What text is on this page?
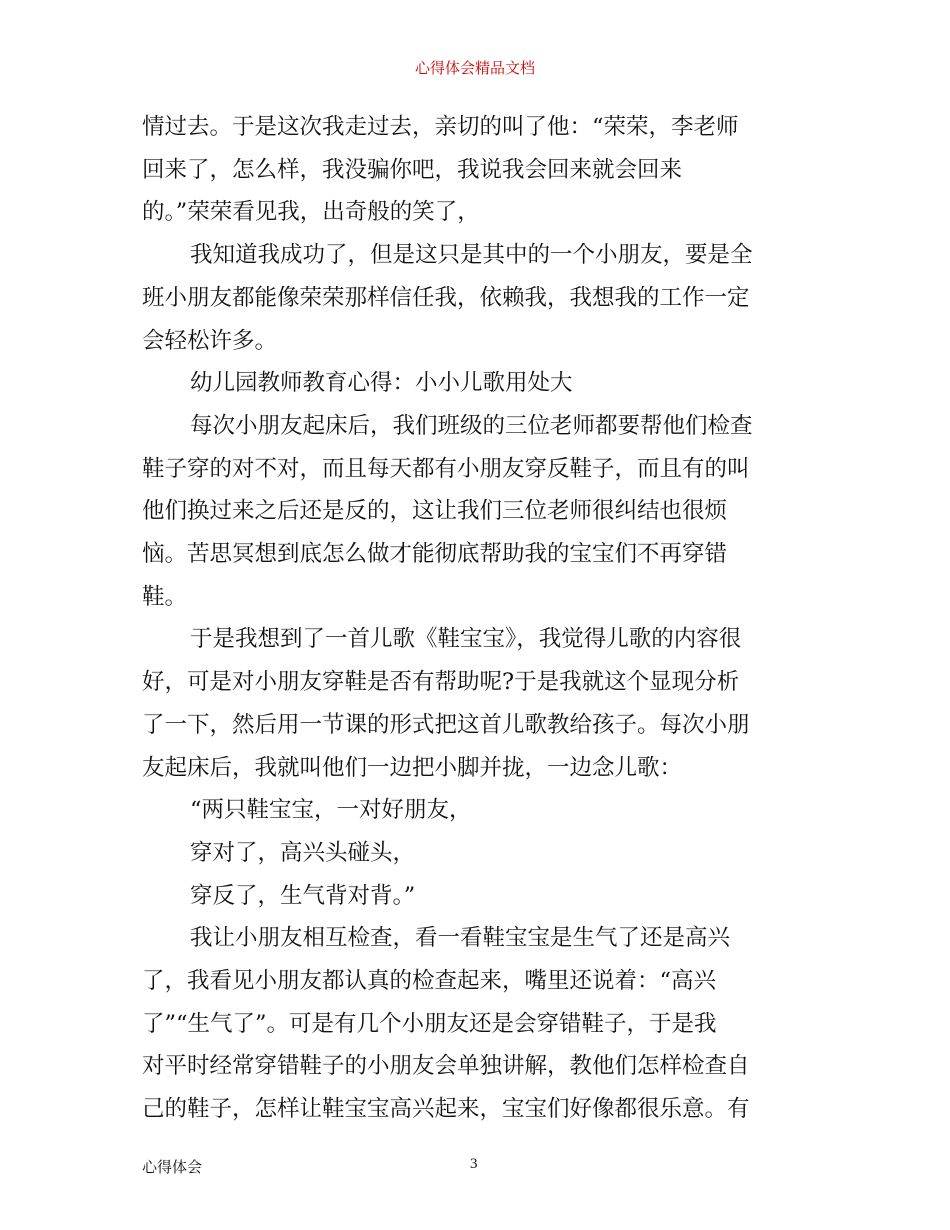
心得体会精品文档

情过去。于是这次我走过去，亲切的叫了他：“荣荣，李老师

回来了，怎么样，我没骗你吧，我说我会回来就会回来

的。”荣荣看见我，出奇般的笑了，

我知道我成功了，但是这只是其中的一个小朋友，要是全

班小朋友都能像荣荣那样信任我，依赖我，我想我的工作一定

会轻松许多。

幼儿园教师教育心得：小小儿歌用处大

每次小朋友起床后，我们班级的三位老师都要帮他们检查

鞋子穿的对不对，而且每天都有小朋友穿反鞋子，而且有的叫

他们换过来之后还是反的，这让我们三位老师很纠结也很烦

恼。苦思冥想到底怎么做才能彻底帮助我的宝宝们不再穿错

鞋。

于是我想到了一首儿歌《鞋宝宝》，我觉得儿歌的内容很

好，可是对小朋友穿鞋是否有帮助呢?于是我就这个显现分析

了一下，然后用一节课的形式把这首儿歌教给孩子。每次小朋

友起床后，我就叫他们一边把小脚并拢，一边念儿歌：

“两只鞋宝宝，一对好朋友，

穿对了，高兴头碰头，

穿反了，生气背对背。”

我让小朋友相互检查，看一看鞋宝宝是生气了还是高兴

了，我看见小朋友都认真的检查起来，嘴里还说着：“高兴

了”“生气了”。可是有几个小朋友还是会穿错鞋子，于是我

对平时经常穿错鞋子的小朋友会单独讲解，教他们怎样检查自

己的鞋子，怎样让鞋宝宝高兴起来，宝宝们好像都很乐意。有

心得体会	3
